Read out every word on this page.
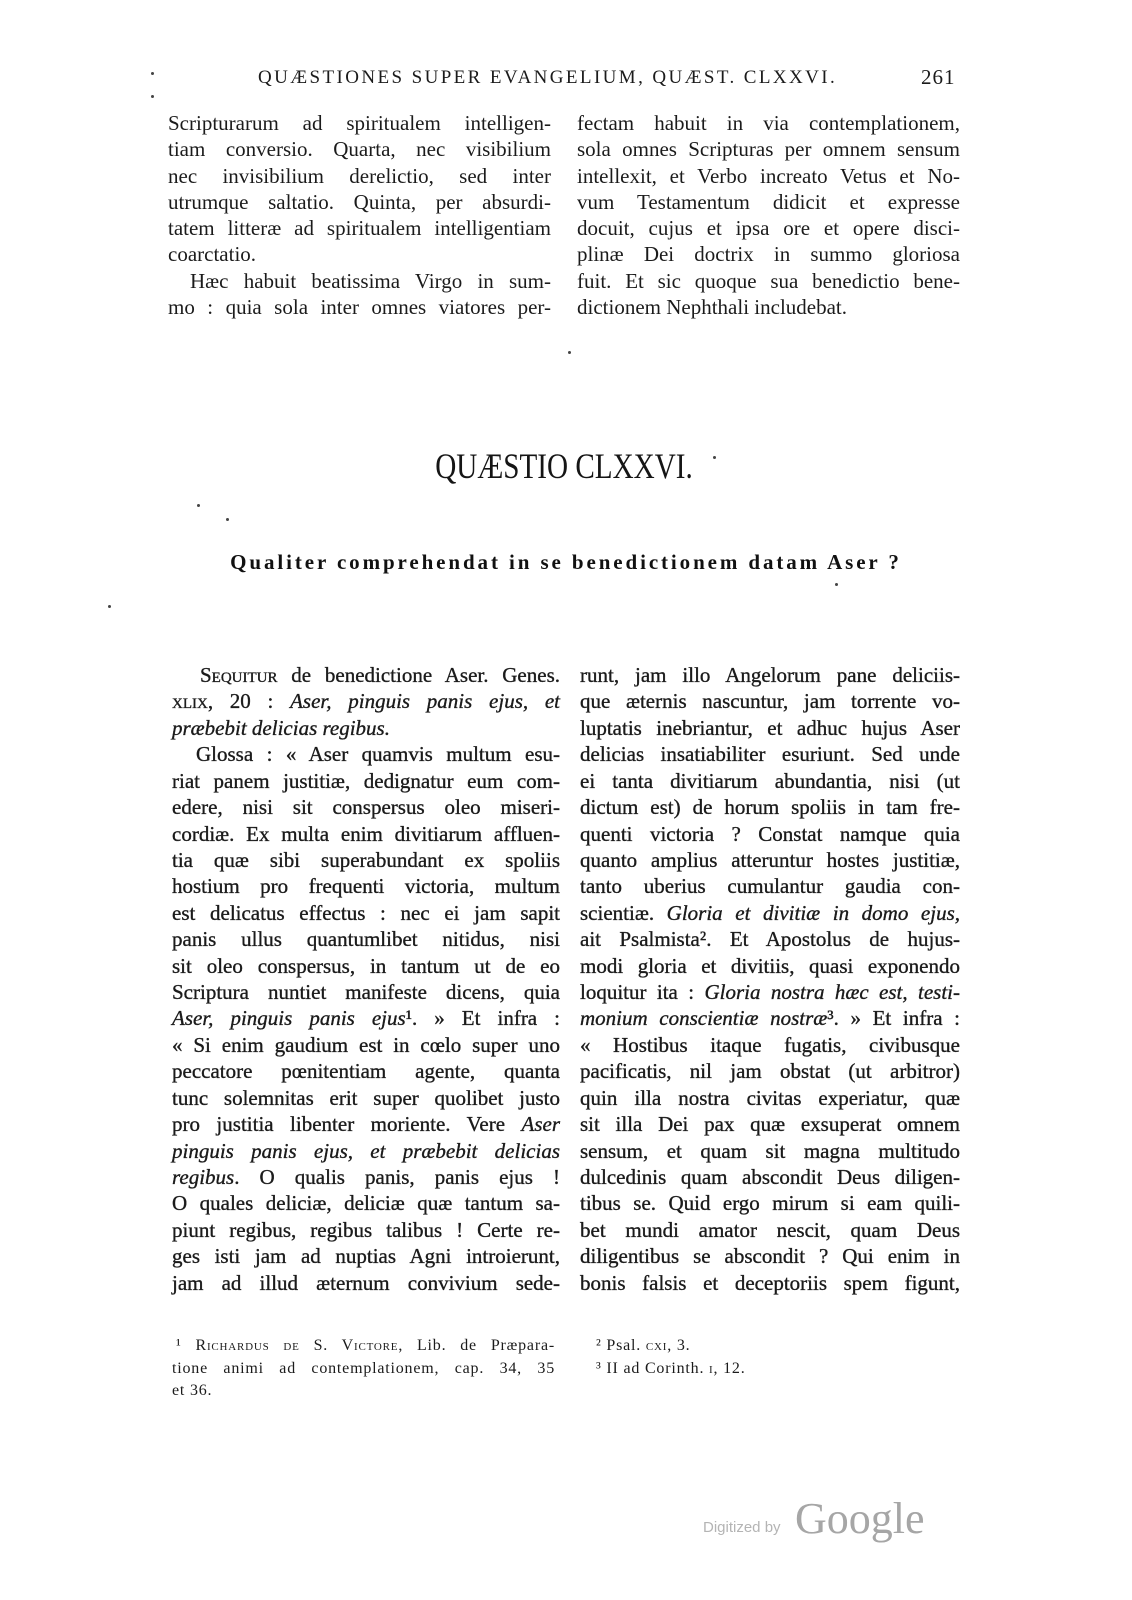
QUÆSTIONES SUPER EVANGELIUM, QUÆST. CLXXVI.	261
Scripturarum ad spiritualem intelligen-
tiam conversio. Quarta, nec visibilium
nec invisibilium derelictio, sed inter
utrumque saltatio. Quinta, per absurdi-
tatem litteræ ad spiritualem intelligentiam
coarctatio.
Hæc habuit beatissima Virgo in sum-
mo : quia sola inter omnes viatores per-
fectam habuit in via contemplationem,
sola omnes Scripturas per omnem sensum
intellexit, et Verbo increato Vetus et No-
vum Testamentum didicit et expresse
docuit, cujus et ipsa ore et opere disci-
plinæ Dei doctrix in summo gloriosa
fuit. Et sic quoque sua benedictio bene-
dictionem Nephthali includebat.
QUÆSTIO CLXXVI.
Qualiter comprehendat in se benedictionem datam Aser ?
Sequitur de benedictione Aser. Genes.
xlix, 20 : Aser, pinguis panis ejus, et
præbebit delicias regibus.
Glossa : « Aser quamvis multum esu-
riat panem justitiæ, dedignatur eum com-
edere, nisi sit conspersus oleo miseri-
cordiæ. Ex multa enim divitiarum affluen-
tia quæ sibi superabundant ex spoliis
hostium pro frequenti victoria, multum
est delicatus effectus : nec ei jam sapit
panis ullus quantumlibet nitidus, nisi
sit oleo conspersus, in tantum ut de eo
Scriptura nuntiet manifeste dicens, quia
Aser, pinguis panis ejus¹. » Et infra :
« Si enim gaudium est in cœlo super uno
peccatore pœnitentiam agente, quanta
tunc solemnitas erit super quolibet justo
pro justitia libenter moriente. Vere Aser
pinguis panis ejus, et præbebit delicias
regibus. O qualis panis, panis ejus !
O quales deliciæ, deliciæ quæ tantum sa-
piunt regibus, regibus talibus ! Certe re-
ges isti jam ad nuptias Agni introierunt,
jam ad illud æternum convivium sede-
runt, jam illo Angelorum pane deliciis-
que æternis nascuntur, jam torrente vo-
luptatis inebriantur, et adhuc hujus Aser
delicias insatiabiliter esuriunt. Sed unde
ei tanta divitiarum abundantia, nisi (ut
dictum est) de horum spoliis in tam fre-
quenti victoria ? Constat namque quia
quanto amplius atteruntur hostes justitiæ,
tanto uberius cumulantur gaudia con-
scientiæ. Gloria et divitiæ in domo ejus,
ait Psalmista². Et Apostolus de hujus-
modi gloria et divitiis, quasi exponendo
loquitur ita : Gloria nostra hæc est, testi-
monium conscientiæ nostræ³. » Et infra :
« Hostibus itaque fugatis, civibusque
pacificatis, nil jam obstat (ut arbitror)
quin illa nostra civitas experiatur, quæ
sit illa Dei pax quæ exsuperat omnem
sensum, et quam sit magna multitudo
dulcedinis quam abscondit Deus diligen-
tibus se. Quid ergo mirum si eam quili-
bet mundi amator nescit, quam Deus
diligentibus se abscondit ? Qui enim in
bonis falsis et deceptoriis spem figunt,
¹ Richardus de S. Victore, Lib. de Præpara-
tione animi ad contemplationem, cap. 34, 35
et 36.
² Psal. cxi, 3.
³ II ad Corinth. i, 12.
Digitized by Google
